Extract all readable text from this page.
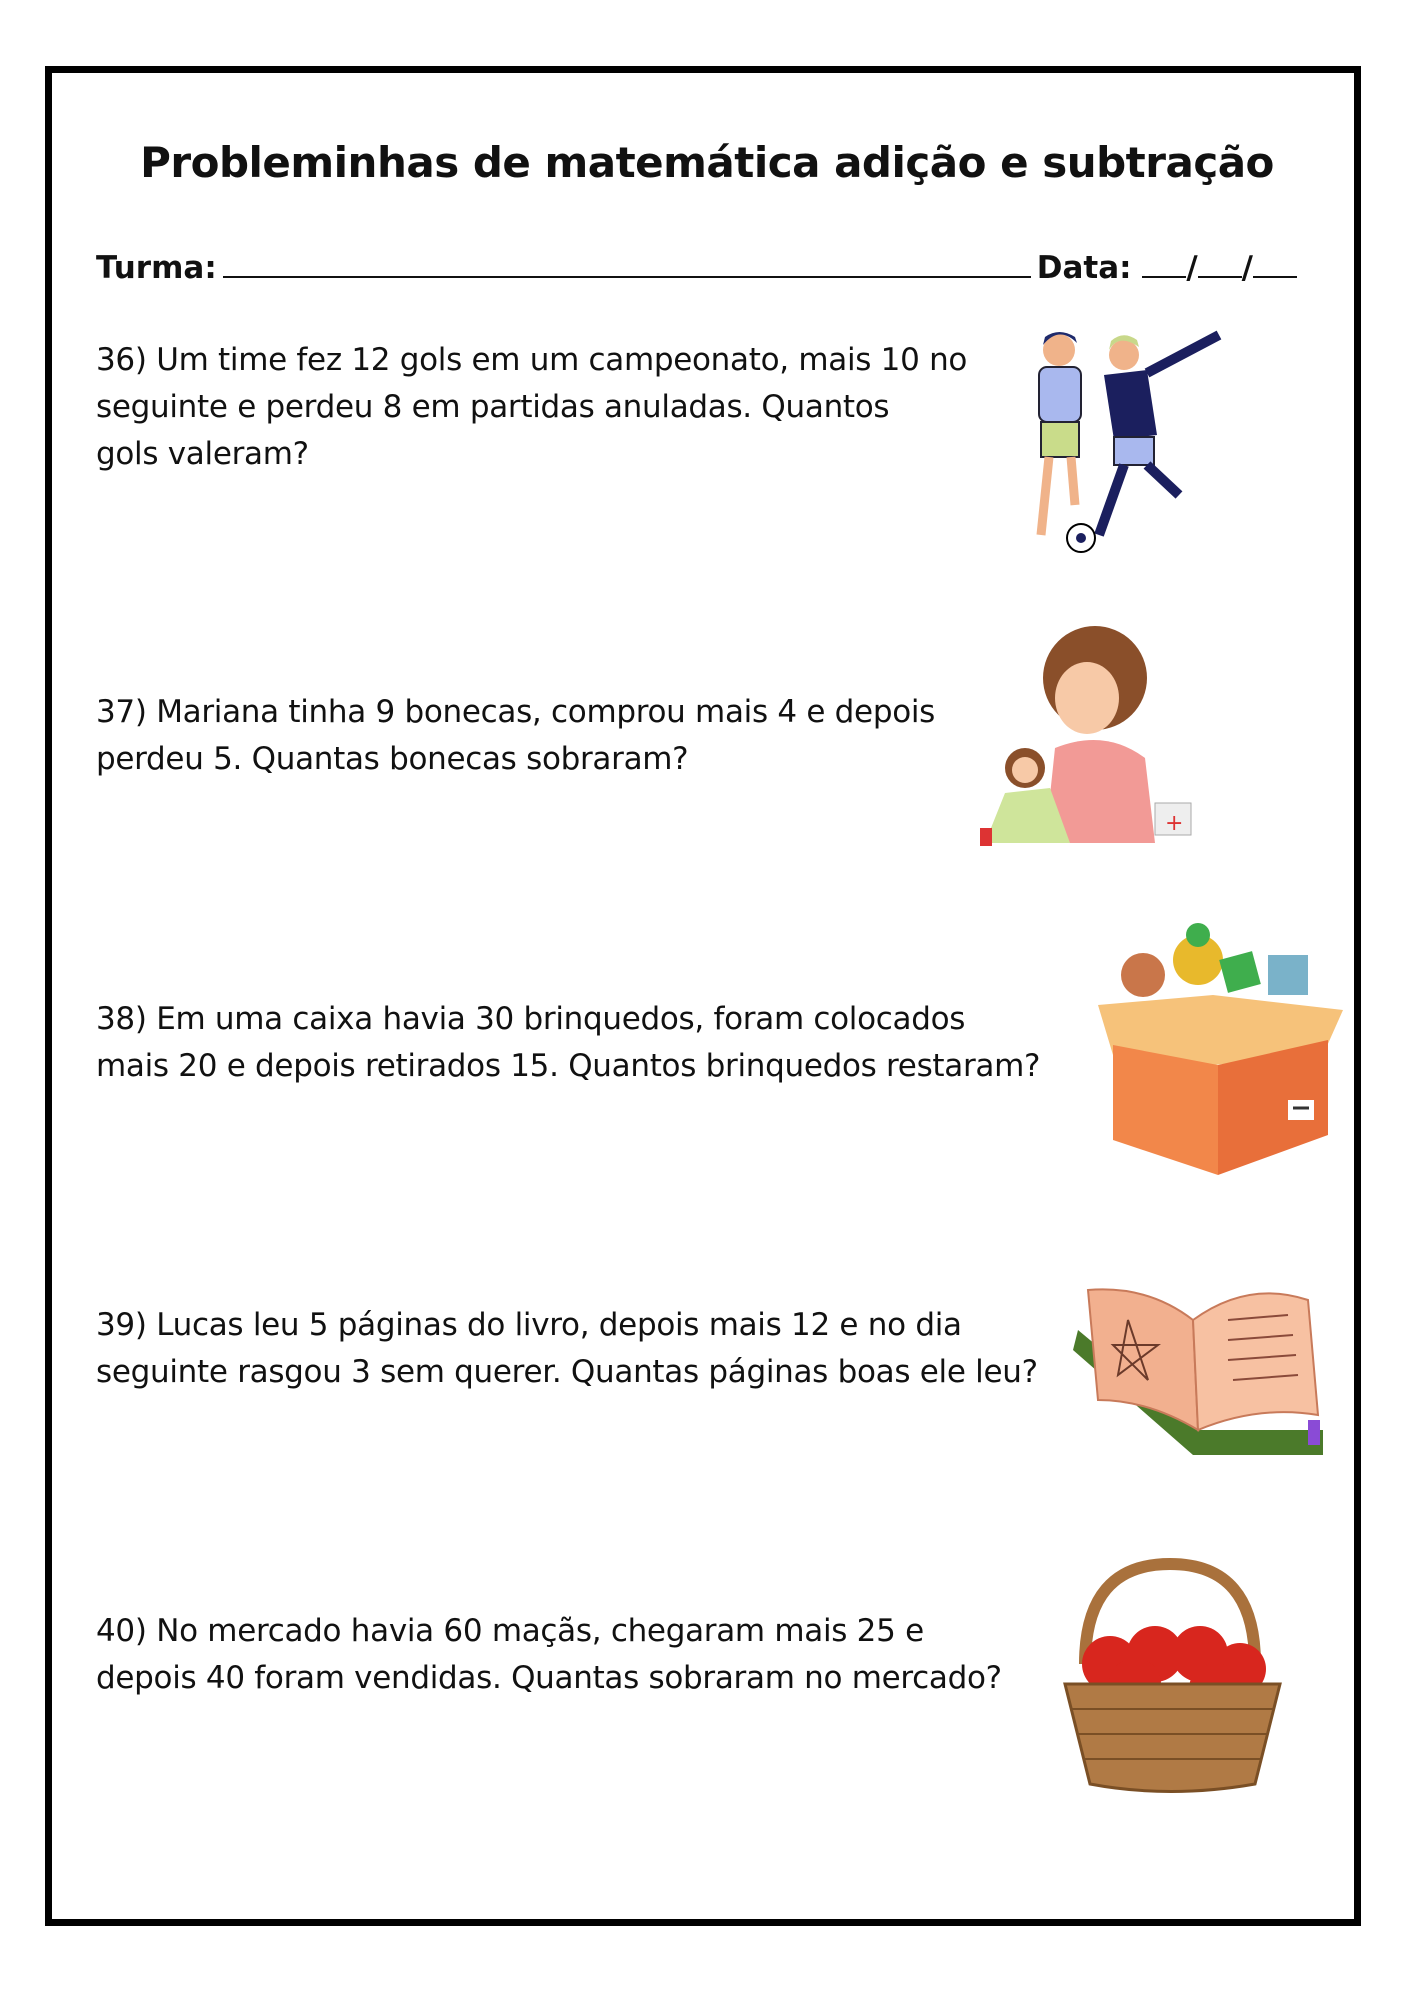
Probleminhas de matemática adição e subtração
Turma:	Data: / /
36) Um time fez 12 gols em um campeonato, mais 10 no
seguinte e perdeu 8 em partidas anuladas. Quantos
gols valeram?
37) Mariana tinha 9 bonecas, comprou mais 4 e depois
perdeu 5. Quantas bonecas sobraram?
38) Em uma caixa havia 30 brinquedos, foram colocados
mais 20 e depois retirados 15. Quantos brinquedos restaram?
39) Lucas leu 5 páginas do livro, depois mais 12 e no dia
seguinte rasgou 3 sem querer. Quantas páginas boas ele leu?
40) No mercado havia 60 maçãs, chegaram mais 25 e
depois 40 foram vendidas. Quantas sobraram no mercado?
+
